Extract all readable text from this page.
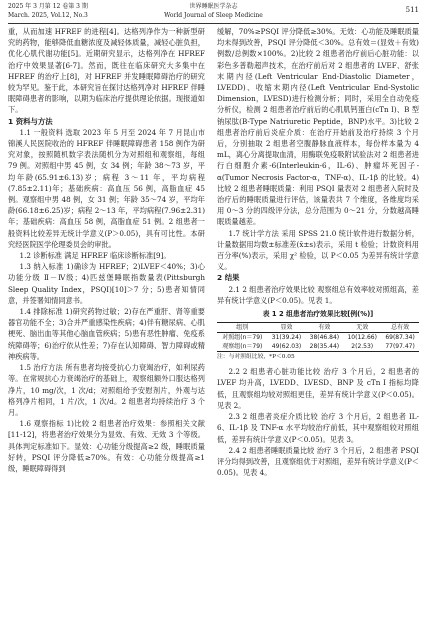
2025 年 3 月第 12 卷第 3 期
March. 2025, Vol.12, No.3
世界睡眠医学杂志
World Journal of Sleep Medicine
511

重，从而加速 HFREF 的进程[4]。达格列净作为一种新型研究的药物，能够降低血糖浓度及减轻体质量，减轻心脏负担，优化心肌代谢功能[5]。近期研究显示，达格列净在 HFREF 治疗中效果显著[6-7]。然而，既往在临床研究大多集中在 HFREF 的治疗上[8]，对 HFREF 并发睡眠障碍治疗的研究较为罕见。鉴于此，本研究旨在探讨达格列净对 HFREF 伴睡眠障碍患者的影响，以期为临床治疗提供理论依据。现报道如下。

1 资料与方法

1.1 一般资料 选取 2023 年 5 月至 2024 年 7 月昆山市锦溪人民医院收治的 HFREF 伴睡眠障碍患者 158 例作为研究对象，按照随机数字表法随机分为对照组和观察组，每组 79 例。对照组中男 45 例，女 34 例；年龄 38～73 岁，平均年龄(65.91±6.13)岁；病程 3～11 年，平均病程(7.85±2.11)年；基础疾病：高血压 56 例，高脂血症 45 例。观察组中男 48 例，女 31 例；年龄 35～74 岁，平均年龄(66.18±6.25)岁；病程 2～13 年，平均病程(7.96±2.31)年；基础疾病：高血压 58 例，高脂血症 51 例。2 组患者一般资料比较差异无统计学意义(P＞0.05)，具有可比性。本研究经医院医学伦理委员会的审批。

1.2 诊断标准 满足 HFREF 临床诊断标准[9]。

1.3 纳入标准 1)确诊为 HFREF；2)LVEF＜40%；3)心功能分级 Ⅱ－Ⅳ级；4)匹兹堡睡眠指数量表(Pittsburgh Sleep Quality Index，PSQI)[10]＞7 分；5)患者知情同意，并签署知情同意书。

1.4 排除标准 1)研究药物过敏；2)存在严重肝、肾等重要器官功能不全；3)合并严重感染性疾病；4)伴有糖尿病、心肌梗死、脑出血等其他心脑血管疾病；5)患有恶性肿瘤、免疫系统障碍等；6)治疗依从性差；7)存在认知障碍、智力障碍或精神疾病等。

1.5 治疗方法 所有患者均接受抗心力衰竭治疗，如利尿药等。在常规抗心力衰竭治疗的基础上，观察组额外口服达格列净片，10 mg/次，1 次/d；对照组给予安慰剂片，外观与达格列净片相同，1 片/次，1 次/d。2 组患者均持续治疗 3 个月。

1.6 观察指标 1)比较 2 组患者治疗效果：参照相关文献[11-12]，将患者治疗效果分为显效、有效、无效 3 个等级。具体判定标准如下。显效：心功能分级提高≥2 级，睡眠质量好转，PSQI 评分降低≥70%。有效：心功能分级提高≥1 级，睡眠障碍得到

缓解，70%≥PSQI 评分降低≥30%。无效：心功能及睡眠质量均未得到改善，PSQI 评分降低＜30%。总有效＝(显效＋有效)例数/总例数×100%。2)比较 2 组患者治疗前后心脏功能：以彩色多普勒超声技术，在治疗前后对 2 组患者的 LVEF、舒张末期内径(Left Ventricular End-Diastolic Diameter，LVEDD)、收缩末期内径(Left Ventricular End-Systolic Dimension，LVESD)进行检测分析；同时，采用全自动免疫分析仪，检测 2 组患者治疗前后的心肌肌钙蛋白(cTn I)、B 型钠尿肽(B-Type Natriuretic Peptide，BNP)水平。3)比较 2 组患者治疗前后炎症介质：在治疗开始前及治疗持续 3 个月后，分别抽取 2 组患者空腹静脉血液样本，每份样本量为 4 mL，离心分离提取血清，用酶联免疫吸附试验法对 2 组患者进行白细胞介素-6(Interleukin-6，IL-6)、肿瘤坏死因子-α(Tumor Necrosis Factor-α，TNF-α)、IL-1β 的比较。4)比较 2 组患者睡眠质量：利用 PSQI 量表对 2 组患者入院时及治疗后的睡眠质量进行评估，该量表共 7 个维度，各维度均采用 0～3 分的四级评分法，总分范围为 0～21 分，分数越高睡眠质量越差。

1.7 统计学方法 采用 SPSS 21.0 统计软件进行数据分析，计量数据用均数±标准差(x̄±s)表示，采用 t 检验；计数资料用百分率(%)表示，采用 χ² 检验，以 P＜0.05 为差异有统计学意义。

2 结果

2.1 2 组患者治疗效果比较 观察组总有效率较对照组高，差异有统计学意义(P＜0.05)。见表 1。

表 1 2 组患者治疗效果比较[例(%)]
组别	显效	有效	无效	总有效
对照组(n＝79)	31(39.24)	38(46.84)	10(12.66)	69(87.34)
观察组(n＝79)	49(62.03)	28(35.44)	2(2.53)	77(97.47)
注：与对照组比较，*P＜0.05

2.2 2 组患者心脏功能比较 治疗 3 个月后，2 组患者的 LVEF 均升高，LVEDD、LVESD、BNP 及 cTn I 指标均降低，且观察组均较对照组更佳，差异有统计学意义(P＜0.05)。见表 2。

2.3 2 组患者炎症介质比较 治疗 3 个月后，2 组患者 IL-6、IL-1β 及 TNF-α 水平均较治疗前低，其中观察组较对照组低，差异有统计学意义(P＜0.05)。见表 3。

2.4 2 组患者睡眠质量比较 治疗 3 个月后，2 组患者 PSQI 评分均得到改善，且观察组优于对照组，差异有统计学意义(P＜0.05)。见表 4。
